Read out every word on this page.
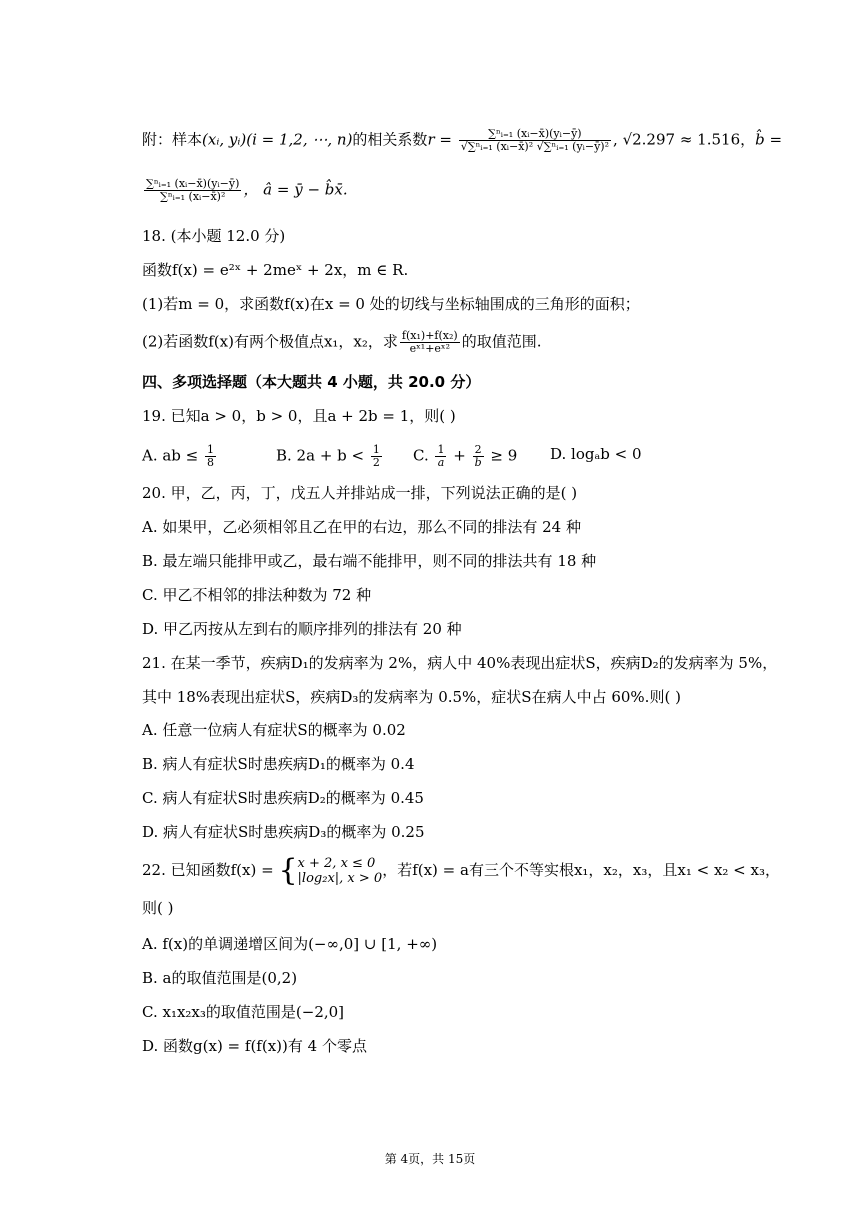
附：样本(xᵢ, yᵢ)(i = 1,2, ⋯, n)的相关系数$r = \frac{\text{∑ⁿᵢ₌₁ (xᵢ−x̄)(yᵢ−ȳ)}}{\text{√∑ⁿᵢ₌₁ (xᵢ−x̄)² √∑ⁿᵢ₌₁ (yᵢ−ȳ)²}}$ , √2.297 ≈ 1.516，b̂ =
$\frac{\text{∑ⁿᵢ₌₁ (xᵢ−x̄)(yᵢ−ȳ)}}{\text{∑ⁿᵢ₌₁ (xᵢ−x̄)²}}$ ， â = ȳ − b̂x̄.
18. (本小题 12.0 分)
函数f(x) = e²ˣ + 2meˣ + 2x，m ∈ R.
(1)若m = 0，求函数f(x)在x = 0 处的切线与坐标轴围成的三角形的面积；
(2)若函数f(x)有两个极值点x₁，x₂，求 $\frac{\text{f(x₁)+f(x₂)}}{\text{eˣ¹+eˣ²}}$ 的取值范围.
四、多项选择题（本大题共 4 小题，共 20.0 分）
19. 已知a > 0，b > 0，且a + 2b = 1，则( )
A. ab ≤ $\frac{1}{8}$	B. $2a + b < \frac{1}{2} C$. $\frac{1}{a} + \frac{2}{b} \ge 9$ D. logₐb < 0
20. 甲，乙，丙，丁，戊五人并排站成一排，下列说法正确的是( )
A. 如果甲，乙必须相邻且乙在甲的右边，那么不同的排法有 24 种
B. 最左端只能排甲或乙，最右端不能排甲，则不同的排法共有 18 种
C. 甲乙不相邻的排法种数为 72 种
D. 甲乙丙按从左到右的顺序排列的排法有 20 种
21. 在某一季节，疾病D₁的发病率为 2%，病人中 40%表现出症状S，疾病D₂的发病率为 5%，
其中 18%表现出症状S，疾病D₃的发病率为 0.5%，症状S在病人中占 60%.则( )
A. 任意一位病人有症状S的概率为 0.02
B. 病人有症状S时患疾病D₁的概率为 0.4
C. 病人有症状S时患疾病D₂的概率为 0.45
D. 病人有症状S时患疾病D₃的概率为 0.25
22. 已知函数f(x) = { x + 2, x ≤ 0
|log₂x|, x > 0 ，若f(x) = a有三个不等实根x₁，x₂，x₃，且x₁ < x₂ < x₃，
则( )
A. f(x)的单调递增区间为(−∞,0] ∪ [1, +∞)
B. a的取值范围是(0,2)
C. x₁x₂x₃的取值范围是(−2,0]
D. 函数g(x) = f(f(x))有 4 个零点
第 4页，共 15页
